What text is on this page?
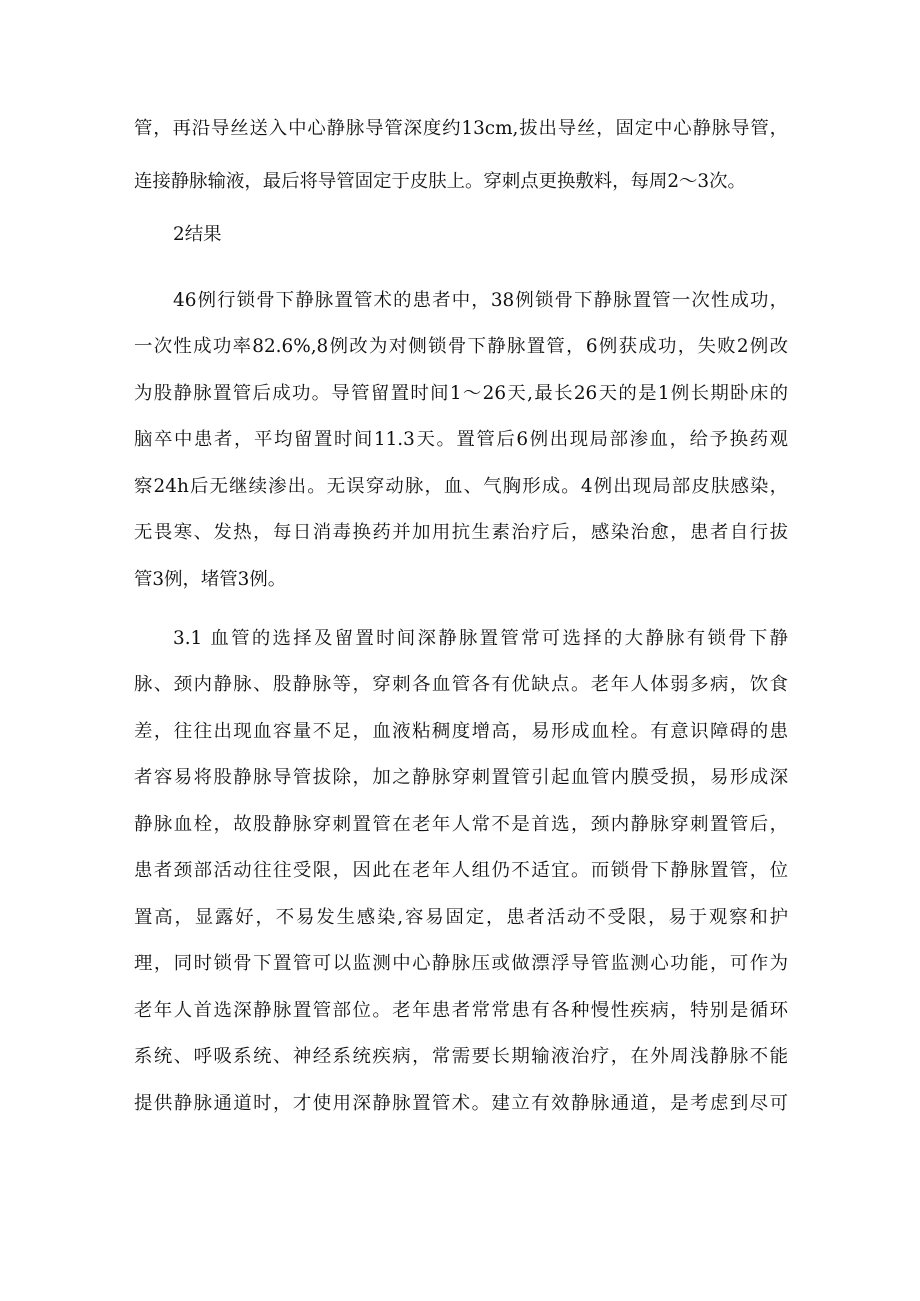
管，再沿导丝送入中心静脉导管深度约13cm,拔出导丝，固定中心静脉导管，
连接静脉输液，最后将导管固定于皮肤上。穿刺点更换敷料，每周2～3次。
2结果
46例行锁骨下静脉置管术的患者中，38例锁骨下静脉置管一次性成功，
一次性成功率82.6%,8例改为对侧锁骨下静脉置管，6例获成功，失败2例改
为股静脉置管后成功。导管留置时间1～26天,最长26天的是1例长期卧床的
脑卒中患者，平均留置时间11.3天。置管后6例出现局部渗血，给予换药观
察24h后无继续渗出。无误穿动脉，血、气胸形成。4例出现局部皮肤感染，
无畏寒、发热，每日消毒换药并加用抗生素治疗后，感染治愈，患者自行拔
管3例，堵管3例。
3.1 血管的选择及留置时间深静脉置管常可选择的大静脉有锁骨下静
脉、颈内静脉、股静脉等，穿刺各血管各有优缺点。老年人体弱多病，饮食
差，往往出现血容量不足，血液粘稠度增高，易形成血栓。有意识障碍的患
者容易将股静脉导管拔除，加之静脉穿刺置管引起血管内膜受损，易形成深
静脉血栓，故股静脉穿刺置管在老年人常不是首选，颈内静脉穿刺置管后，
患者颈部活动往往受限，因此在老年人组仍不适宜。而锁骨下静脉置管，位
置高，显露好，不易发生感染,容易固定，患者活动不受限，易于观察和护
理，同时锁骨下置管可以监测中心静脉压或做漂浮导管监测心功能，可作为
老年人首选深静脉置管部位。老年患者常常患有各种慢性疾病，特别是循环
系统、呼吸系统、神经系统疾病，常需要长期输液治疗，在外周浅静脉不能
提供静脉通道时，才使用深静脉置管术。建立有效静脉通道，是考虑到尽可
